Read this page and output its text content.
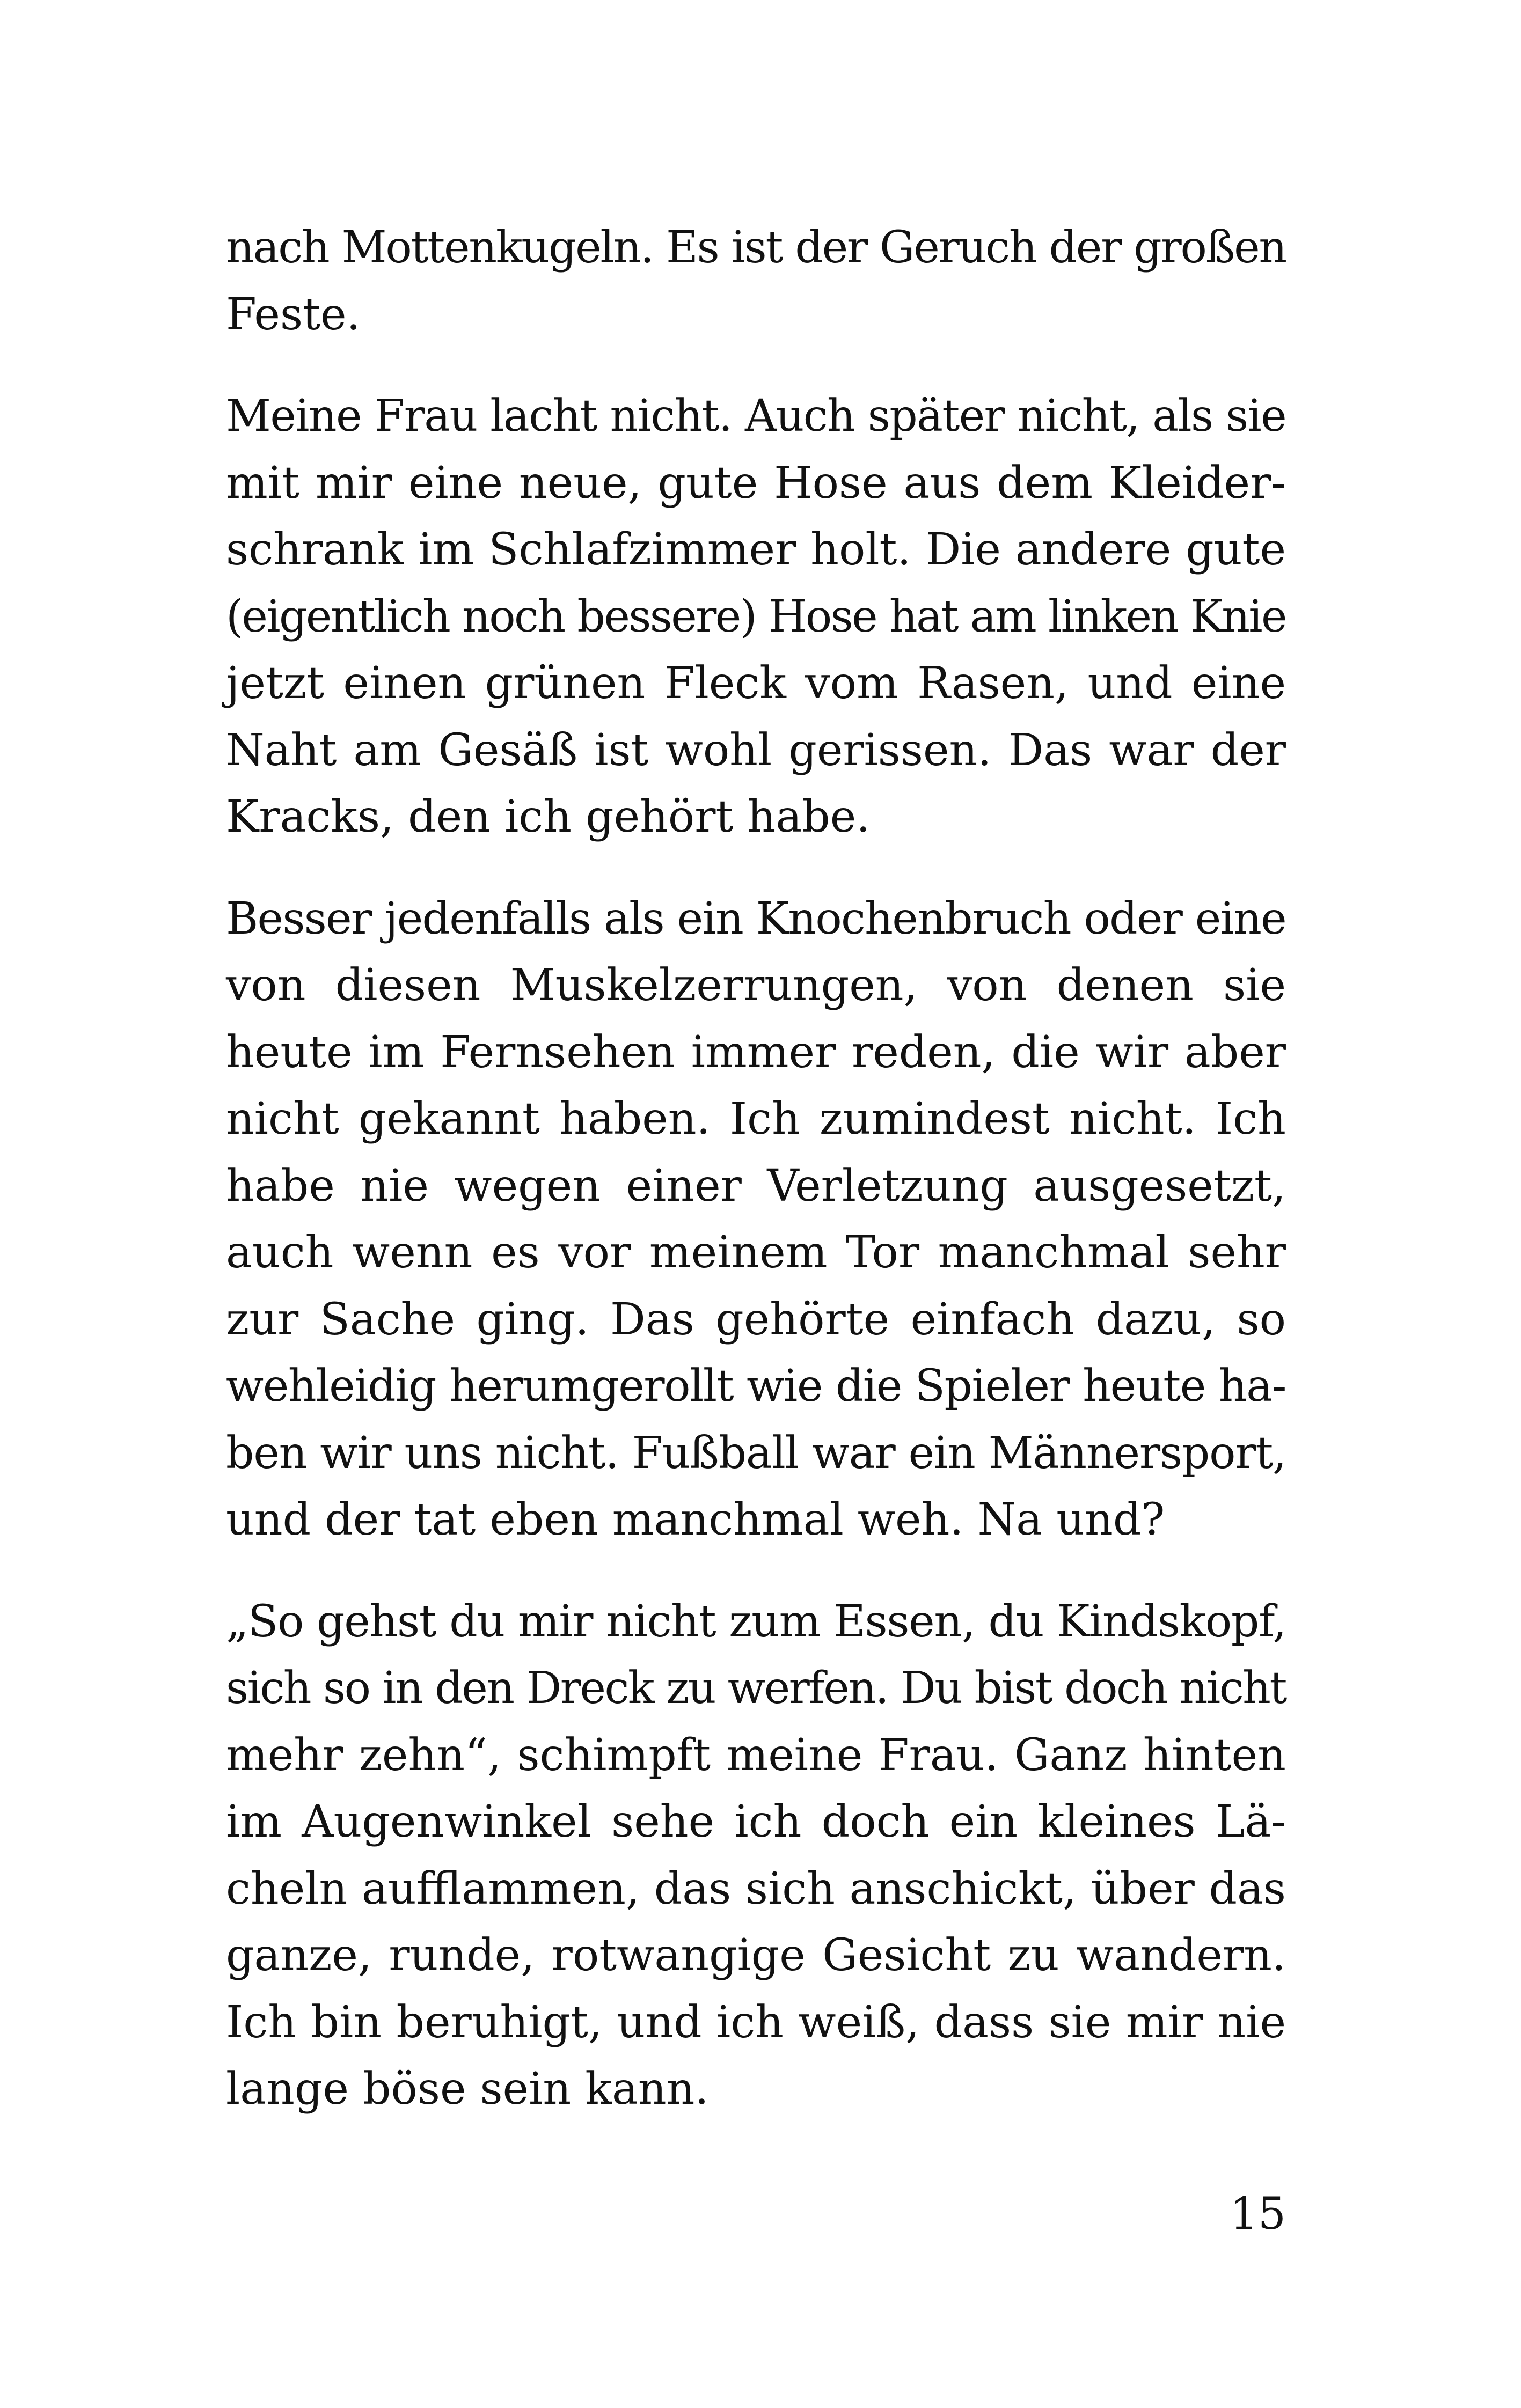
nach Mottenkugeln. Es ist der Geruch der großen
Feste.
Meine Frau lacht nicht. Auch später nicht, als sie
mit mir eine neue, gute Hose aus dem Kleider-
schrank im Schlafzimmer holt. Die andere gute
(eigentlich noch bessere) Hose hat am linken Knie
jetzt einen grünen Fleck vom Rasen, und eine
Naht am Gesäß ist wohl gerissen. Das war der
Kracks, den ich gehört habe.
Besser jedenfalls als ein Knochenbruch oder eine
von diesen Muskelzerrungen, von denen sie
heute im Fernsehen immer reden, die wir aber
nicht gekannt haben. Ich zumindest nicht. Ich
habe nie wegen einer Verletzung ausgesetzt,
auch wenn es vor meinem Tor manchmal sehr
zur Sache ging. Das gehörte einfach dazu, so
wehleidig herumgerollt wie die Spieler heute ha-
ben wir uns nicht. Fußball war ein Männersport,
und der tat eben manchmal weh. Na und?
„So gehst du mir nicht zum Essen, du Kindskopf,
sich so in den Dreck zu werfen. Du bist doch nicht
mehr zehn“, schimpft meine Frau. Ganz hinten
im Augenwinkel sehe ich doch ein kleines Lä-
cheln aufflammen, das sich anschickt, über das
ganze, runde, rotwangige Gesicht zu wandern.
Ich bin beruhigt, und ich weiß, dass sie mir nie
lange böse sein kann.
15
